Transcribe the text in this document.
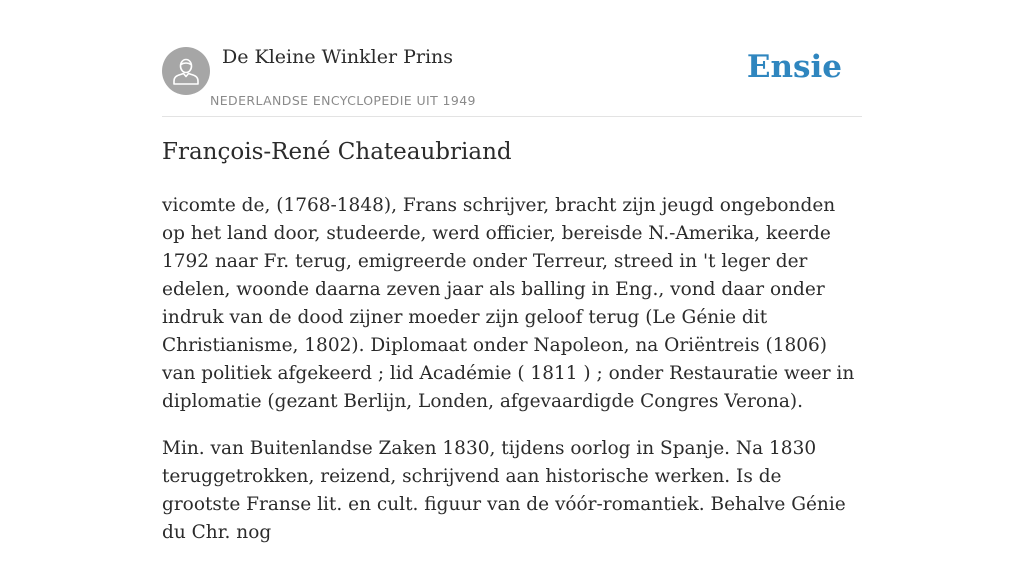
De Kleine Winkler Prins
NEDERLANDSE ENCYCLOPEDIE UIT 1949
Ensie
François-René Chateaubriand

vicomte de, (1768-1848), Frans schrijver, bracht zijn jeugd ongebonden op het land door, studeerde, werd officier, bereisde N.-Amerika, keerde 1792 naar Fr. terug, emigreerde onder Terreur, streed in 't leger der edelen, woonde daarna zeven jaar als balling in Eng., vond daar onder indruk van de dood zijner moeder zijn geloof terug (Le Génie dit Christianisme, 1802). Diplomaat onder Napoleon, na Oriëntreis (1806) van politiek afgekeerd ; lid Académie ( 1811 ) ; onder Restauratie weer in diplomatie (gezant Berlijn, Londen, afgevaardigde Congres Verona).

Min. van Buitenlandse Zaken 1830, tijdens oorlog in Spanje. Na 1830 teruggetrokken, reizend, schrijvend aan historische werken. Is de grootste Franse lit. en cult. figuur van de vóór-romantiek. Behalve Génie du Chr. nog
